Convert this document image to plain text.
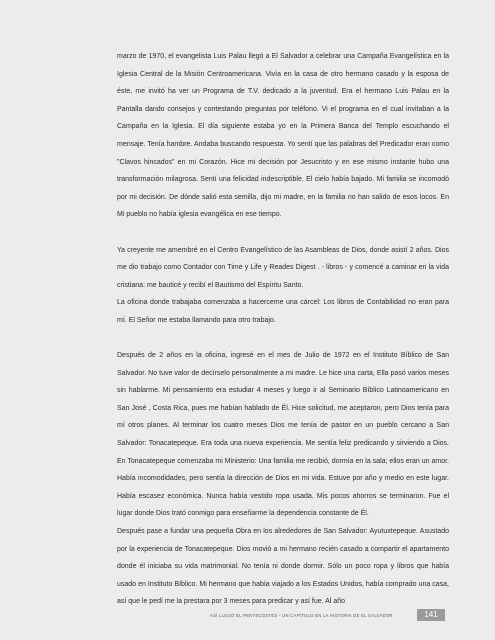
marzo de 1970, el evangelista Luis Palau llegó a El Salvador a celebrar una Campaña Evangelística en la Iglesia Central de la Misión Centroamericana. Vivía en la casa de otro hermano casado y la esposa de éste, me invitó ha ver un Programa de T.V. dedicado a la juventud. Era el hermano Luis Palau en la Pantalla dando consejos y contestando preguntas por teléfono. Vi el programa en el cual invitaban a la Campaña en la Iglesia. El día siguiente estaba yo en la Primera Banca del Templo escuchando el mensaje. Tenía hambre. Andaba buscando respuesta. Yo sentí que las palabras del Predicador eran como "Clavos hincados" en mi Corazón. Hice mi decisión por Jesucristo y en ese mismo instante hubo una transformación milagrosa. Sentí una felicidad indescriptible. El cielo había bajado. Mi familia se incomodó por mi decisión. De dónde salió esta semilla, dijo mi madre, en la familia no han salido de esos locos. En Mi pueblo no había iglesia evangélica en ese tiempo.

Ya creyente me amembré en el Centro Evangelístico de las Asambleas de Dios, donde asistí 2 años. Dios me dio trabajo como Contador con Time y Life y Reades Digest . - libros - y comencé a caminar en la vida cristiana: me bauticé y recibí el Bautismo del Espíritu Santo.

La oficina donde trabajaba comenzaba a hacerceme una cárcel: Los libros de Contabilidad no eran para mí. El Señor me estaba llamando para otro trabajo.

Después de 2 años en la oficina, ingresé en el mes de Julio de 1972 en el Instituto Bíblico de San Salvador. No tuve valor de decírselo personalmente a mi madre. Le hice una carta, Ella pasó varios meses sin hablarme. Mi pensamiento era estudiar 4 meses y luego ir al Seminario Bíblico Latinoamericano en San José , Costa Rica, pues me habían hablado de Él. Hice solicitud, me aceptaron, pero Dios tenía para mí otros planes. Al terminar los cuatro meses Dios me tenía de pastor en un pueblo cercano a San Salvador: Tonacatepeque. Era toda una nueva experiencia. Me sentía feliz predicando y sirviendo a Dios. En Tonacatepeque comenzaba mi Ministerio: Una familia me recibió, dormía en la sala; ellos eran un amor. Había incomodidades, pero sentía la dirección de Dios en mi vida. Estuve por año y medio en este lugar. Había escasez económica. Nunca había vestido ropa usada. Mis pocos ahorros se terminaron. Fue el lugar donde Dios trató conmigo para enseñarme la dependencia constante de Él.

Después pase a fundar una pequeña Obra en los alrededores de San Salvador: Ayutuxtepeque. Asustado por la experiencia de Tonacatepeque. Dios movió a mi hermano recién casado a compartir el apartamento donde él iniciaba su vida matrimonial. No tenía ni donde dormir. Sólo un poco ropa y libros que había usado en Instituto Bíblico. Mi hermano que había viajado a los Estados Unidos, había comprado una casa, así que le pedí me la prestara por 3 meses para predicar y así fue. Al año

ASÍ LLEGÓ EL PENTECOSTÉS - UN CAPÍTULO EN LA HISTORIA DE EL SALVADOR	141
